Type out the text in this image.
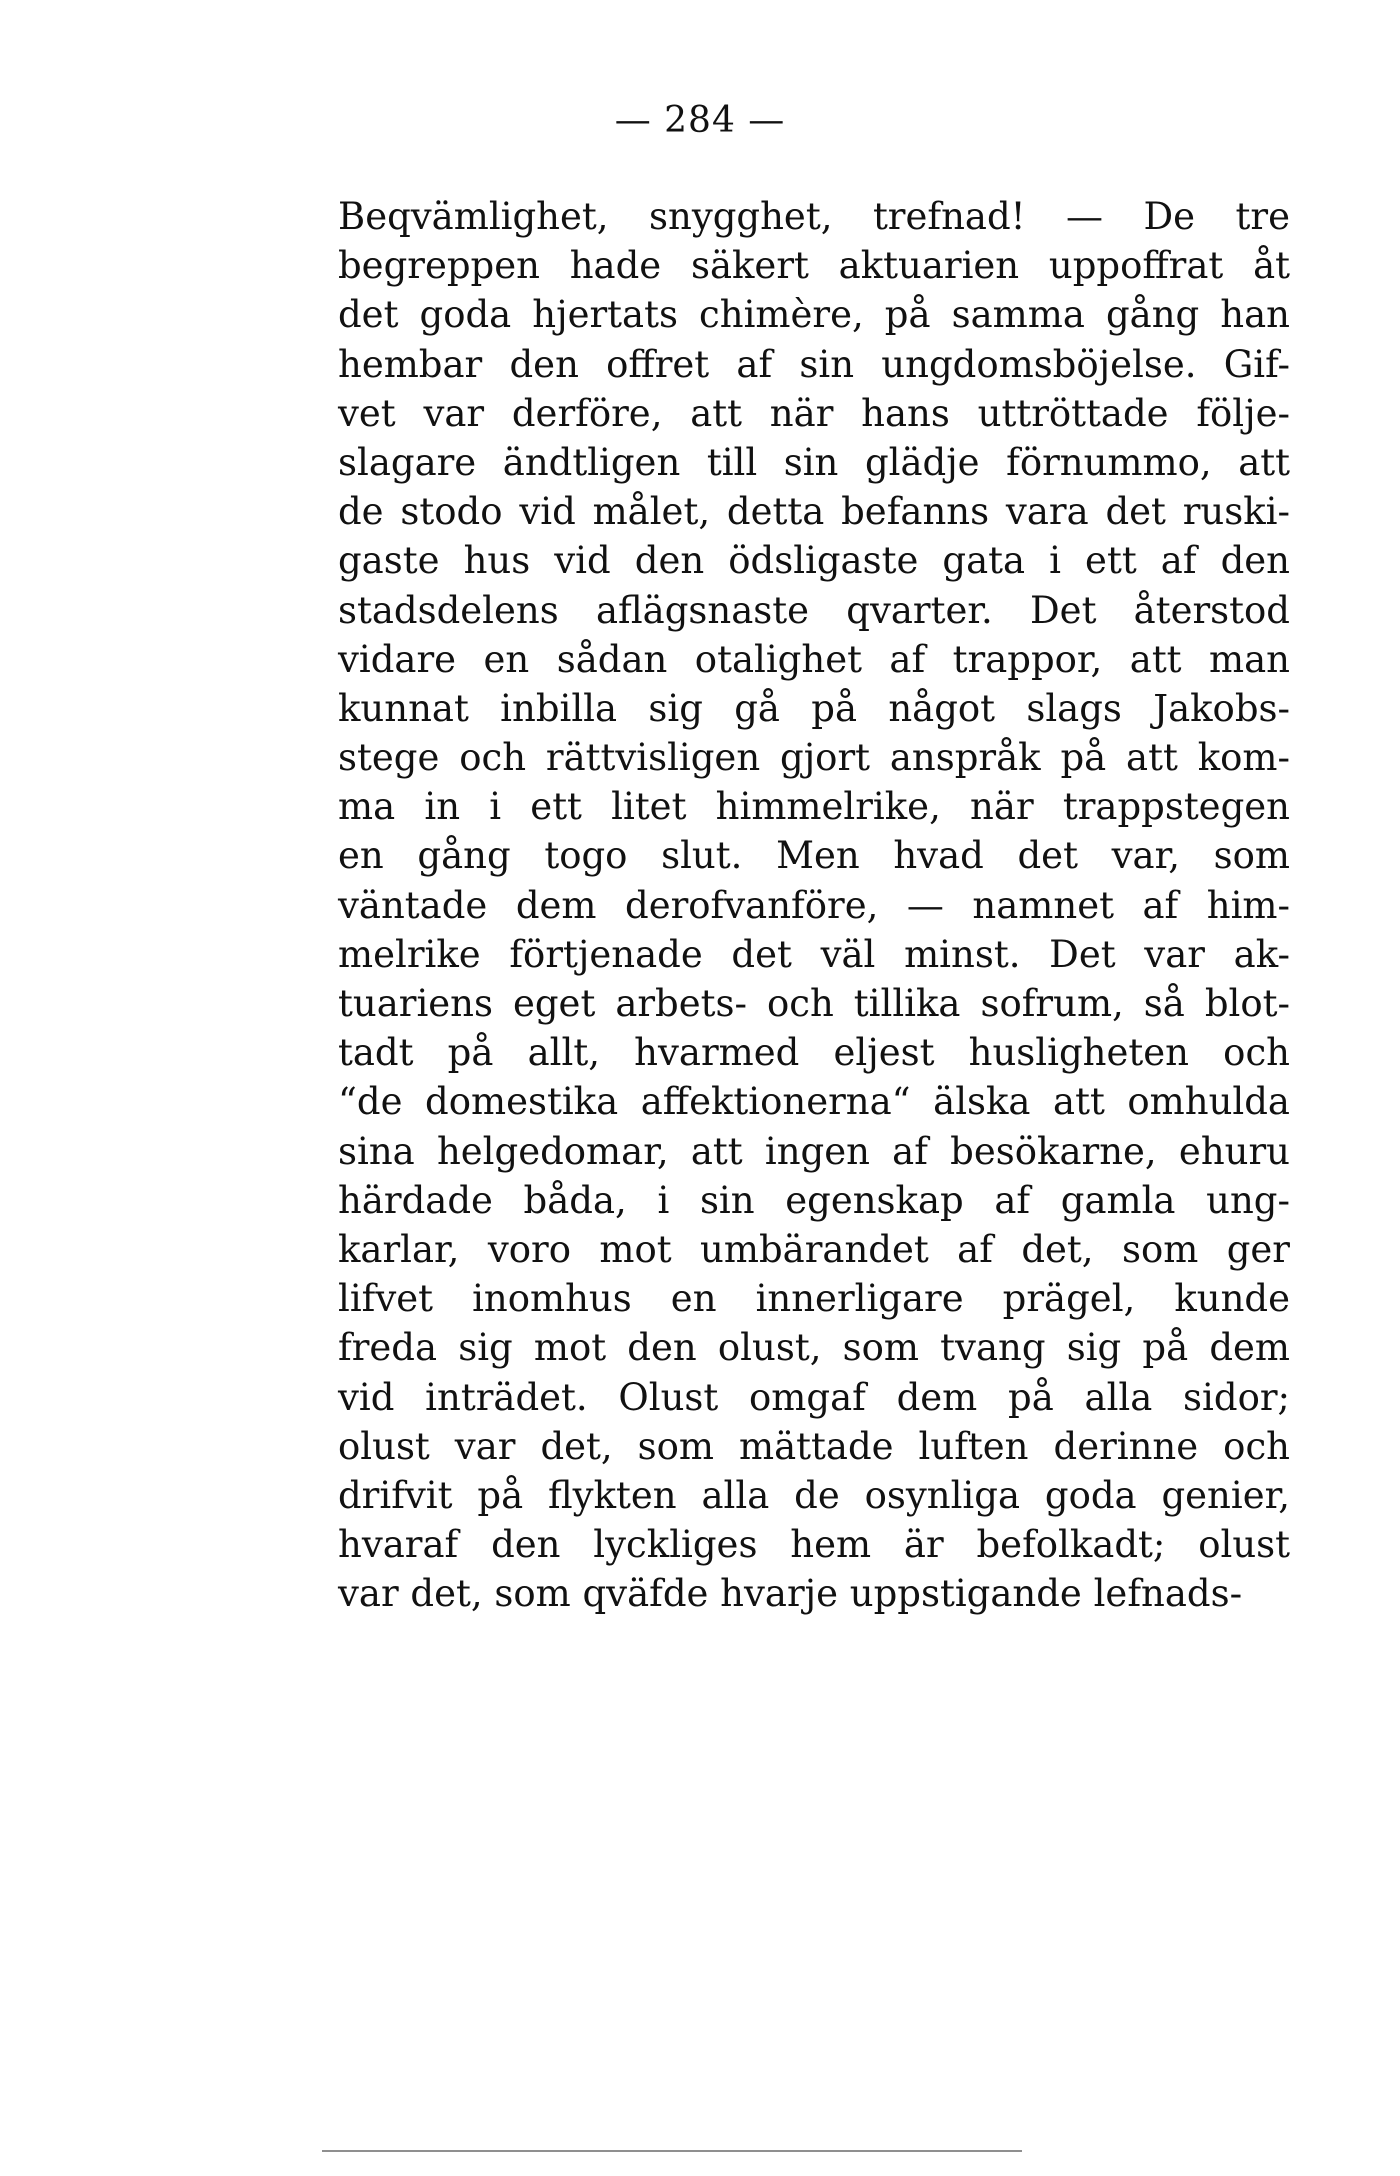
— 284 —
Beqvämlighet, snygghet, trefnad! — De tre
begreppen hade säkert aktuarien uppoffrat åt
det goda hjertats chimère, på samma gång han
hembar den offret af sin ungdomsböjelse. Gif-
vet var derföre, att när hans uttröttade följe-
slagare ändtligen till sin glädje förnummo, att
de stodo vid målet, detta befanns vara det ruski-
gaste hus vid den ödsligaste gata i ett af den
stadsdelens aflägsnaste qvarter. Det återstod
vidare en sådan otalighet af trappor, att man
kunnat inbilla sig gå på något slags Jakobs-
stege och rättvisligen gjort anspråk på att kom-
ma in i ett litet himmelrike, när trappstegen
en gång togo slut. Men hvad det var, som
väntade dem derofvanföre, — namnet af him-
melrike förtjenade det väl minst. Det var ak-
tuariens eget arbets- och tillika sofrum, så blot-
tadt på allt, hvarmed eljest husligheten och
“de domestika affektionerna“ älska att omhulda
sina helgedomar, att ingen af besökarne, ehuru
härdade båda, i sin egenskap af gamla ung-
karlar, voro mot umbärandet af det, som ger
lifvet inomhus en innerligare prägel, kunde
freda sig mot den olust, som tvang sig på dem
vid inträdet. Olust omgaf dem på alla sidor;
olust var det, som mättade luften derinne och
drifvit på flykten alla de osynliga goda genier,
hvaraf den lyckliges hem är befolkadt; olust
var det, som qväfde hvarje uppstigande lefnads-
